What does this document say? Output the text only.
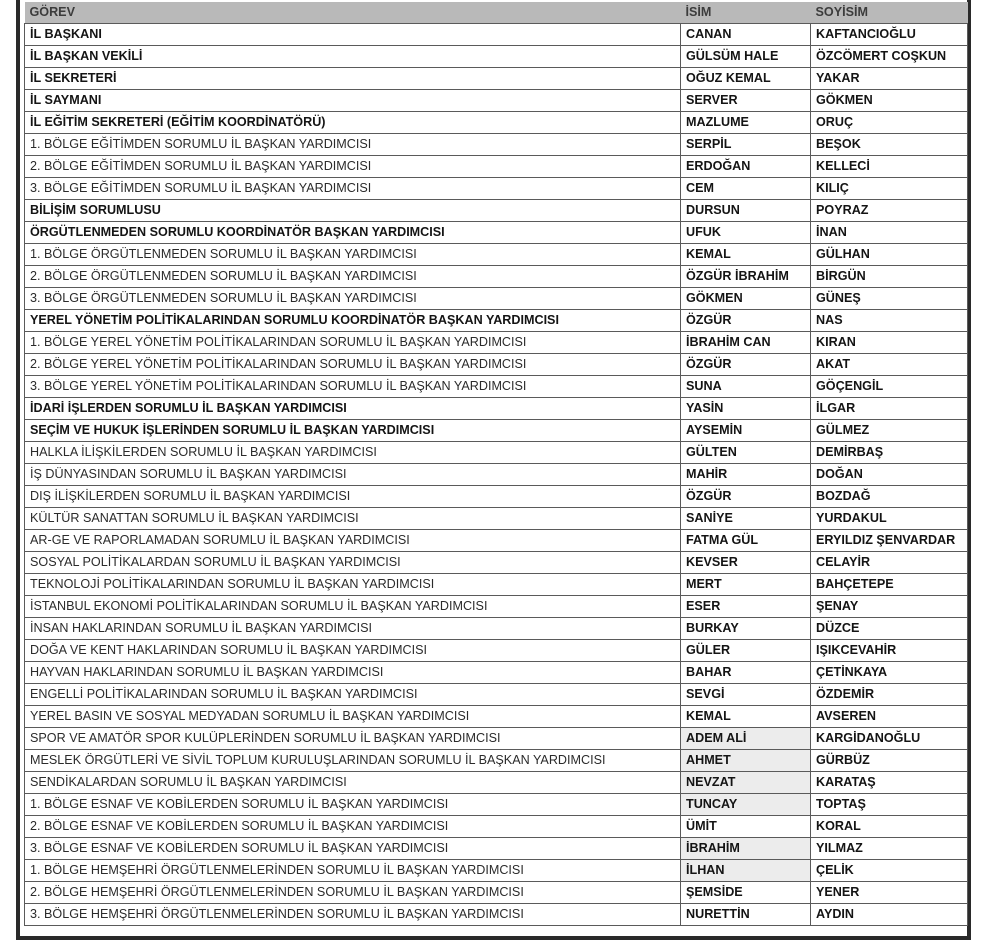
GÖREV	İSİM	SOYİSİM
İL BAŞKANI	CANAN	KAFTANCIOĞLU
İL BAŞKAN VEKİLİ	GÜLSÜM HALE	ÖZCÖMERT COŞKUN
İL SEKRETERİ	OĞUZ KEMAL	YAKAR
İL SAYMANI	SERVER	GÖKMEN
İL EĞİTİM SEKRETERİ (EĞİTİM KOORDİNATÖRÜ)	MAZLUME	ORUÇ
1. BÖLGE EĞİTİMDEN SORUMLU İL BAŞKAN YARDIMCISI	SERPİL	BEŞOK
2. BÖLGE EĞİTİMDEN SORUMLU İL BAŞKAN YARDIMCISI	ERDOĞAN	KELLECİ
3. BÖLGE EĞİTİMDEN SORUMLU İL BAŞKAN YARDIMCISI	CEM	KILIÇ
BİLİŞİM SORUMLUSU	DURSUN	POYRAZ
ÖRGÜTLENMEDEN SORUMLU KOORDİNATÖR BAŞKAN YARDIMCISI	UFUK	İNAN
1. BÖLGE ÖRGÜTLENMEDEN SORUMLU İL BAŞKAN YARDIMCISI	KEMAL	GÜLHAN
2. BÖLGE ÖRGÜTLENMEDEN SORUMLU İL BAŞKAN YARDIMCISI	ÖZGÜR İBRAHİM	BİRGÜN
3. BÖLGE ÖRGÜTLENMEDEN SORUMLU İL BAŞKAN YARDIMCISI	GÖKMEN	GÜNEŞ
YEREL YÖNETİM POLİTİKALARINDAN SORUMLU KOORDİNATÖR BAŞKAN YARDIMCISI	ÖZGÜR	NAS
1. BÖLGE YEREL YÖNETİM POLİTİKALARINDAN SORUMLU İL BAŞKAN YARDIMCISI	İBRAHİM CAN	KIRAN
2. BÖLGE YEREL YÖNETİM POLİTİKALARINDAN SORUMLU İL BAŞKAN YARDIMCISI	ÖZGÜR	AKAT
3. BÖLGE YEREL YÖNETİM POLİTİKALARINDAN SORUMLU İL BAŞKAN YARDIMCISI	SUNA	GÖÇENGİL
İDARİ İŞLERDEN SORUMLU İL BAŞKAN YARDIMCISI	YASİN	İLGAR
SEÇİM VE HUKUK İŞLERİNDEN SORUMLU İL BAŞKAN YARDIMCISI	AYSEMİN	GÜLMEZ
HALKLA İLİŞKİLERDEN SORUMLU İL BAŞKAN YARDIMCISI	GÜLTEN	DEMİRBAŞ
İŞ DÜNYASINDAN SORUMLU İL BAŞKAN YARDIMCISI	MAHİR	DOĞAN
DIŞ İLİŞKİLERDEN SORUMLU İL BAŞKAN YARDIMCISI	ÖZGÜR	BOZDAĞ
KÜLTÜR SANATTAN SORUMLU İL BAŞKAN YARDIMCISI	SANİYE	YURDAKUL
AR-GE VE RAPORLAMADAN SORUMLU İL BAŞKAN YARDIMCISI	FATMA GÜL	ERYILDIZ ŞENVARDAR
SOSYAL POLİTİKALARDAN SORUMLU İL BAŞKAN YARDIMCISI	KEVSER	CELAYİR
TEKNOLOJİ POLİTİKALARINDAN SORUMLU İL BAŞKAN YARDIMCISI	MERT	BAHÇETEPE
İSTANBUL EKONOMİ POLİTİKALARINDAN SORUMLU İL BAŞKAN YARDIMCISI	ESER	ŞENAY
İNSAN HAKLARINDAN SORUMLU İL BAŞKAN YARDIMCISI	BURKAY	DÜZCE
DOĞA VE KENT HAKLARINDAN SORUMLU İL BAŞKAN YARDIMCISI	GÜLER	IŞIKCEVAHİR
HAYVAN HAKLARINDAN SORUMLU İL BAŞKAN YARDIMCISI	BAHAR	ÇETİNKAYA
ENGELLİ POLİTİKALARINDAN SORUMLU İL BAŞKAN YARDIMCISI	SEVGİ	ÖZDEMİR
YEREL BASIN VE SOSYAL MEDYADAN SORUMLU İL BAŞKAN YARDIMCISI	KEMAL	AVSEREN
SPOR VE AMATÖR SPOR KULÜPLERİNDEN SORUMLU İL BAŞKAN YARDIMCISI	ADEM ALİ	KARGİDANOĞLU
MESLEK ÖRGÜTLERİ VE SİVİL TOPLUM KURULUŞLARINDAN SORUMLU İL BAŞKAN YARDIMCISI	AHMET	GÜRBÜZ
SENDİKALARDAN SORUMLU İL BAŞKAN YARDIMCISI	NEVZAT	KARATAŞ
1. BÖLGE ESNAF VE KOBİLERDEN SORUMLU İL BAŞKAN YARDIMCISI	TUNCAY	TOPTAŞ
2. BÖLGE ESNAF VE KOBİLERDEN SORUMLU İL BAŞKAN YARDIMCISI	ÜMİT	KORAL
3. BÖLGE ESNAF VE KOBİLERDEN SORUMLU İL BAŞKAN YARDIMCISI	İBRAHİM	YILMAZ
1. BÖLGE HEMŞEHRİ ÖRGÜTLENMELERİNDEN SORUMLU İL BAŞKAN YARDIMCISI	İLHAN	ÇELİK
2. BÖLGE HEMŞEHRİ ÖRGÜTLENMELERİNDEN SORUMLU İL BAŞKAN YARDIMCISI	ŞEMSİDE	YENER
3. BÖLGE HEMŞEHRİ ÖRGÜTLENMELERİNDEN SORUMLU İL BAŞKAN YARDIMCISI	NURETTİN	AYDIN
